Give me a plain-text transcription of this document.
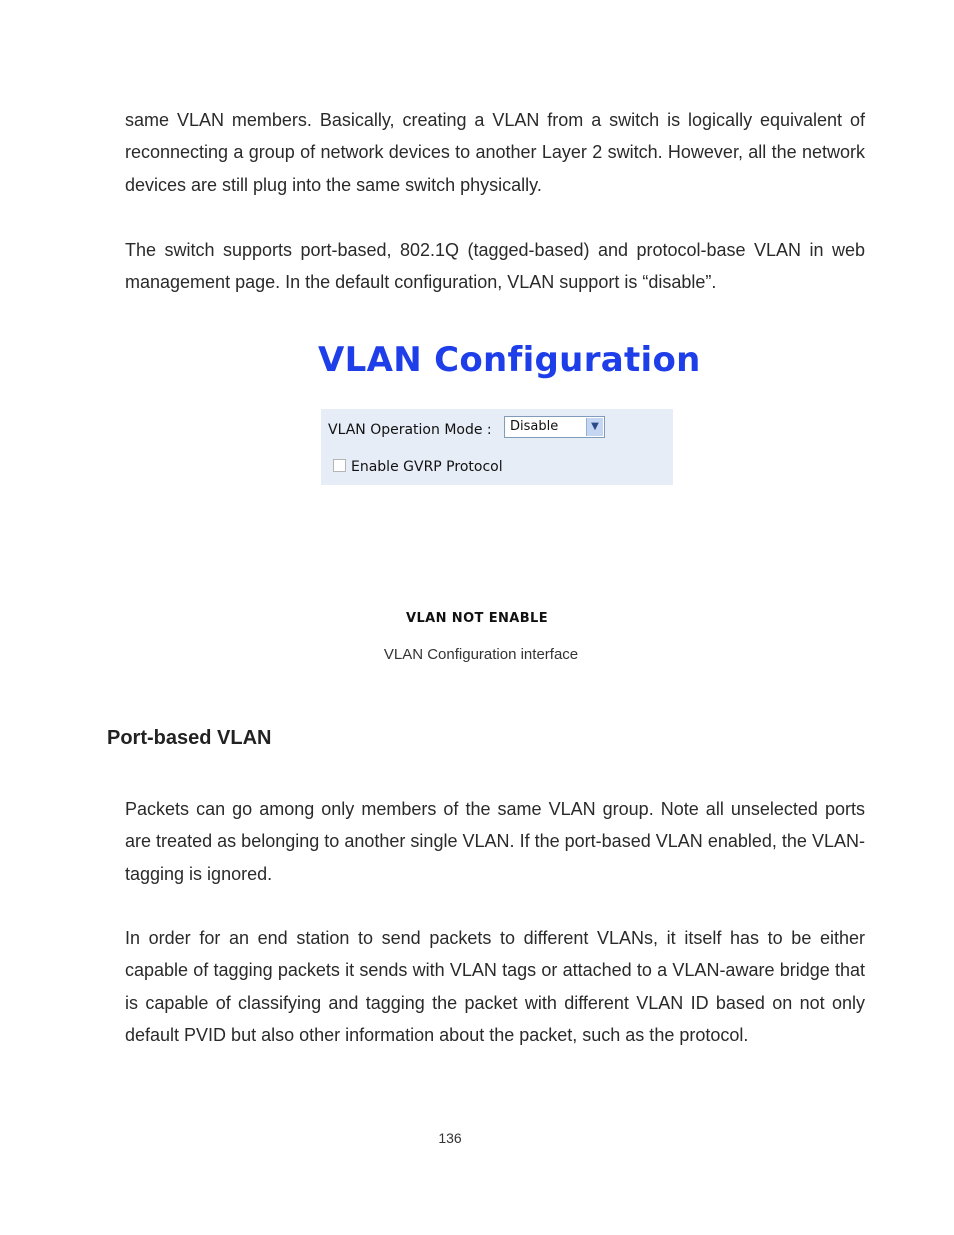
same VLAN members. Basically, creating a VLAN from a switch is logically equivalent of reconnecting a group of network devices to another Layer 2 switch. However, all the network devices are still plug into the same switch physically.

The switch supports port-based, 802.1Q (tagged-based) and protocol-base VLAN in web management page. In the default configuration, VLAN support is “disable”.

VLAN Configuration
VLAN Operation Mode : Disable	▼
Enable GVRP Protocol
VLAN NOT ENABLE
VLAN Configuration interface
Port-based VLAN

Packets can go among only members of the same VLAN group. Note all unselected ports are treated as belonging to another single VLAN. If the port-based VLAN enabled, the VLAN-tagging is ignored.

In order for an end station to send packets to different VLANs, it itself has to be either capable of tagging packets it sends with VLAN tags or attached to a VLAN-aware bridge that is capable of classifying and tagging the packet with different VLAN ID based on not only default PVID but also other information about the packet, such as the protocol.

136
